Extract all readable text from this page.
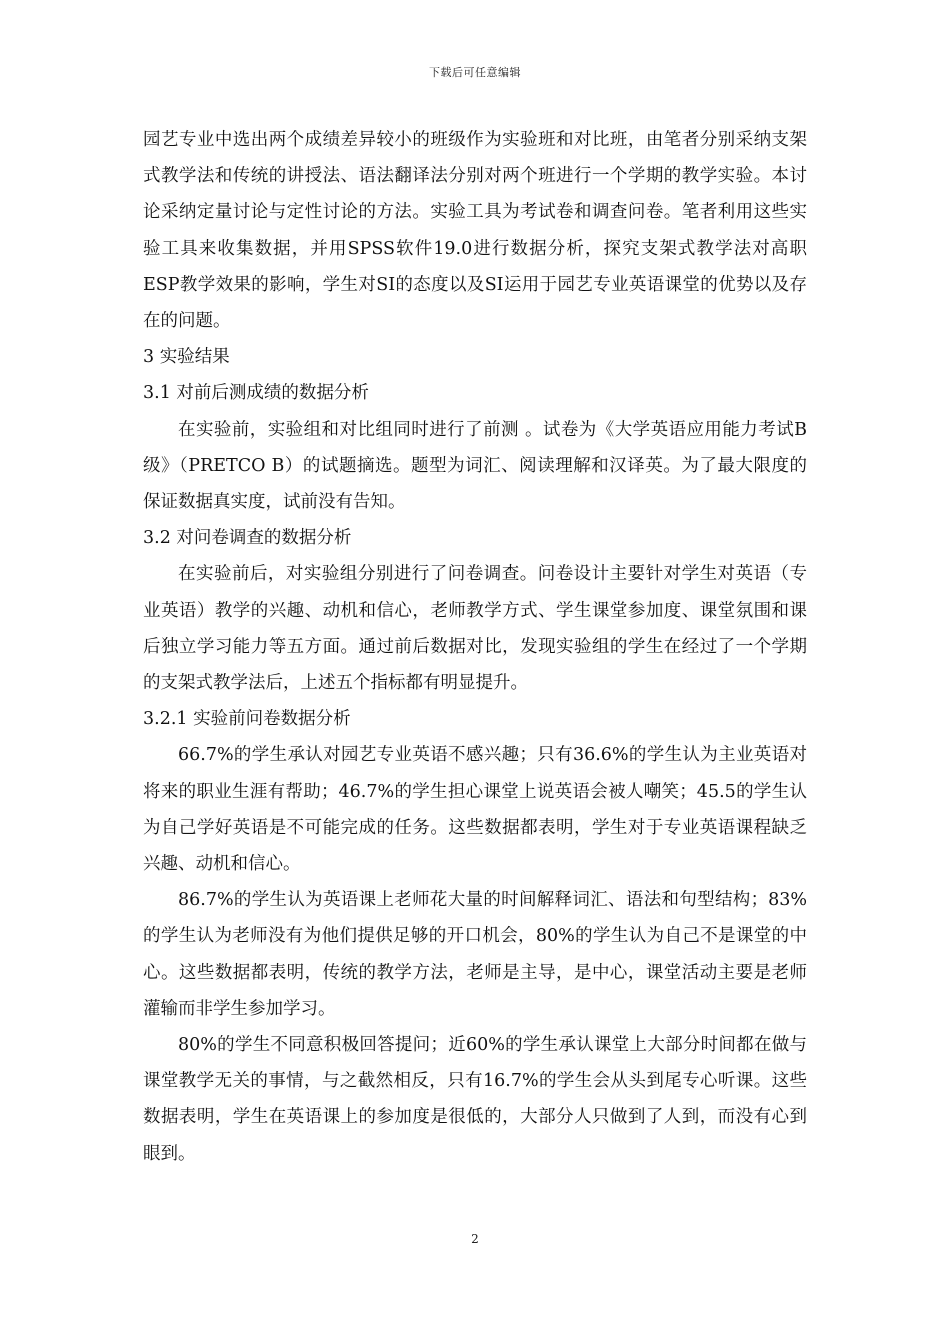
下载后可任意编辑

园艺专业中选出两个成绩差异较小的班级作为实验班和对比班，由笔者分别采纳支架式教学法和传统的讲授法、语法翻译法分别对两个班进行一个学期的教学实验。本讨论采纳定量讨论与定性讨论的方法。实验工具为考试卷和调查问卷。笔者利用这些实验工具来收集数据，并用SPSS软件19.0进行数据分析，探究支架式教学法对高职ESP教学效果的影响，学生对SI的态度以及SI运用于园艺专业英语课堂的优势以及存在的问题。

3 实验结果

3.1 对前后测成绩的数据分析

在实验前，实验组和对比组同时进行了前测 。试卷为《大学英语应用能力考试B级》（PRETCO B）的试题摘选。题型为词汇、阅读理解和汉译英。为了最大限度的保证数据真实度，试前没有告知。

3.2 对问卷调查的数据分析

在实验前后，对实验组分别进行了问卷调查。问卷设计主要针对学生对英语（专业英语）教学的兴趣、动机和信心，老师教学方式、学生课堂参加度、课堂氛围和课后独立学习能力等五方面。通过前后数据对比，发现实验组的学生在经过了一个学期的支架式教学法后，上述五个指标都有明显提升。

3.2.1 实验前问卷数据分析

66.7%的学生承认对园艺专业英语不感兴趣；只有36.6%的学生认为主业英语对将来的职业生涯有帮助；46.7%的学生担心课堂上说英语会被人嘲笑；45.5的学生认为自己学好英语是不可能完成的任务。这些数据都表明，学生对于专业英语课程缺乏兴趣、动机和信心。

86.7%的学生认为英语课上老师花大量的时间解释词汇、语法和句型结构；83%的学生认为老师没有为他们提供足够的开口机会，80%的学生认为自己不是课堂的中心。这些数据都表明，传统的教学方法，老师是主导，是中心，课堂活动主要是老师灌输而非学生参加学习。

80%的学生不同意积极回答提问；近60%的学生承认课堂上大部分时间都在做与课堂教学无关的事情，与之截然相反，只有16.7%的学生会从头到尾专心听课。这些数据表明，学生在英语课上的参加度是很低的，大部分人只做到了人到，而没有心到眼到。

2
